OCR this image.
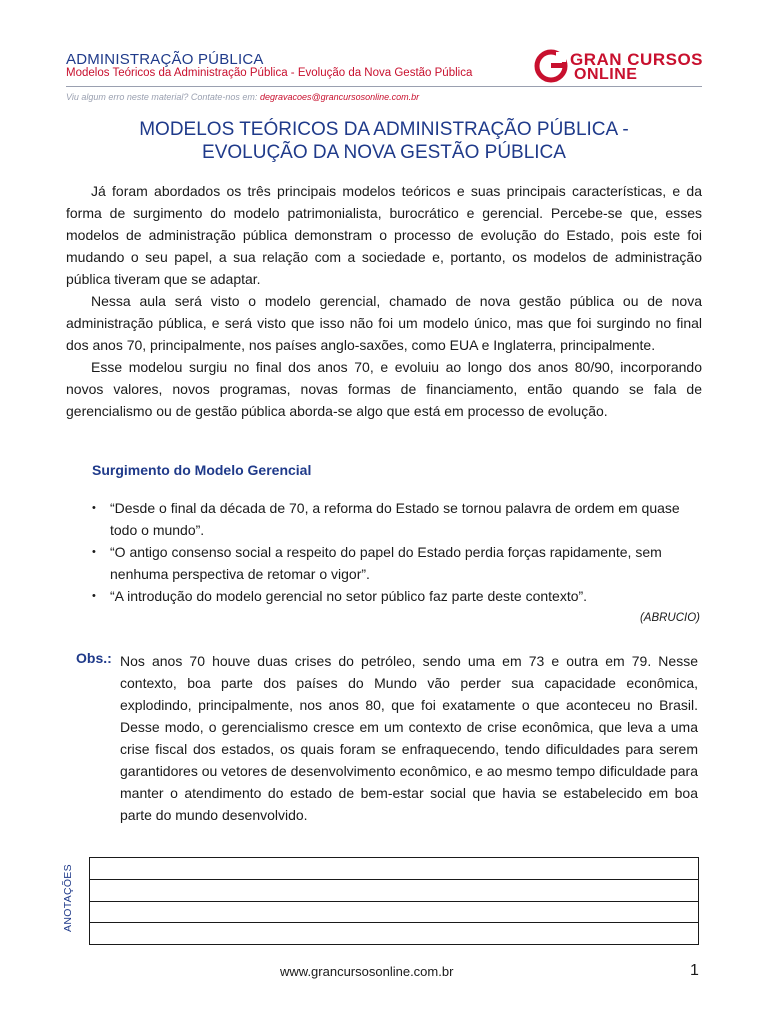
ADMINISTRAÇÃO PÚBLICA
Modelos Teóricos da Administração Pública - Evolução da Nova Gestão Pública
GRAN CURSOS
ONLINE
Viu algum erro neste material? Contate-nos em: degravacoes@grancursosonline.com.br
MODELOS TEÓRICOS DA ADMINISTRAÇÃO PÚBLICA -
EVOLUÇÃO DA NOVA GESTÃO PÚBLICA

Já foram abordados os três principais modelos teóricos e suas principais características, e da forma de surgimento do modelo patrimonialista, burocrático e gerencial. Percebe-se que, esses modelos de administração pública demonstram o processo de evolução do Estado, pois este foi mudando o seu papel, a sua relação com a sociedade e, portanto, os modelos de administração pública tiveram que se adaptar.

Nessa aula será visto o modelo gerencial, chamado de nova gestão pública ou de nova administração pública, e será visto que isso não foi um modelo único, mas que foi surgindo no final dos anos 70, principalmente, nos países anglo-saxões, como EUA e Inglaterra, principalmente.

Esse modelou surgiu no final dos anos 70, e evoluiu ao longo dos anos 80/90, incorporando novos valores, novos programas, novas formas de financiamento, então quando se fala de gerencialismo ou de gestão pública aborda-se algo que está em processo de evolução.

Surgimento do Modelo Gerencial
• “Desde o final da década de 70, a reforma do Estado se tornou palavra de ordem em quase todo o mundo”.
• “O antigo consenso social a respeito do papel do Estado perdia forças rapidamente, sem nenhuma perspectiva de retomar o vigor”.
• “A introdução do modelo gerencial no setor público faz parte deste contexto”.
(ABRUCIO)
Obs.: Nos anos 70 houve duas crises do petróleo, sendo uma em 73 e outra em 79. Nesse contexto, boa parte dos países do Mundo vão perder sua capacidade econômica, explodindo, principalmente, nos anos 80, que foi exatamente o que aconteceu no Brasil. Desse modo, o gerencialismo cresce em um contexto de crise econômica, que leva a uma crise fiscal dos estados, os quais foram se enfraquecendo, tendo dificuldades para serem garantidores ou vetores de desenvolvimento econômico, e ao mesmo tempo dificuldade para manter o atendimento do estado de bem-estar social que havia se estabelecido em boa parte do mundo desenvolvido.
ANOTAÇÕES
www.grancursosonline.com.br	1
